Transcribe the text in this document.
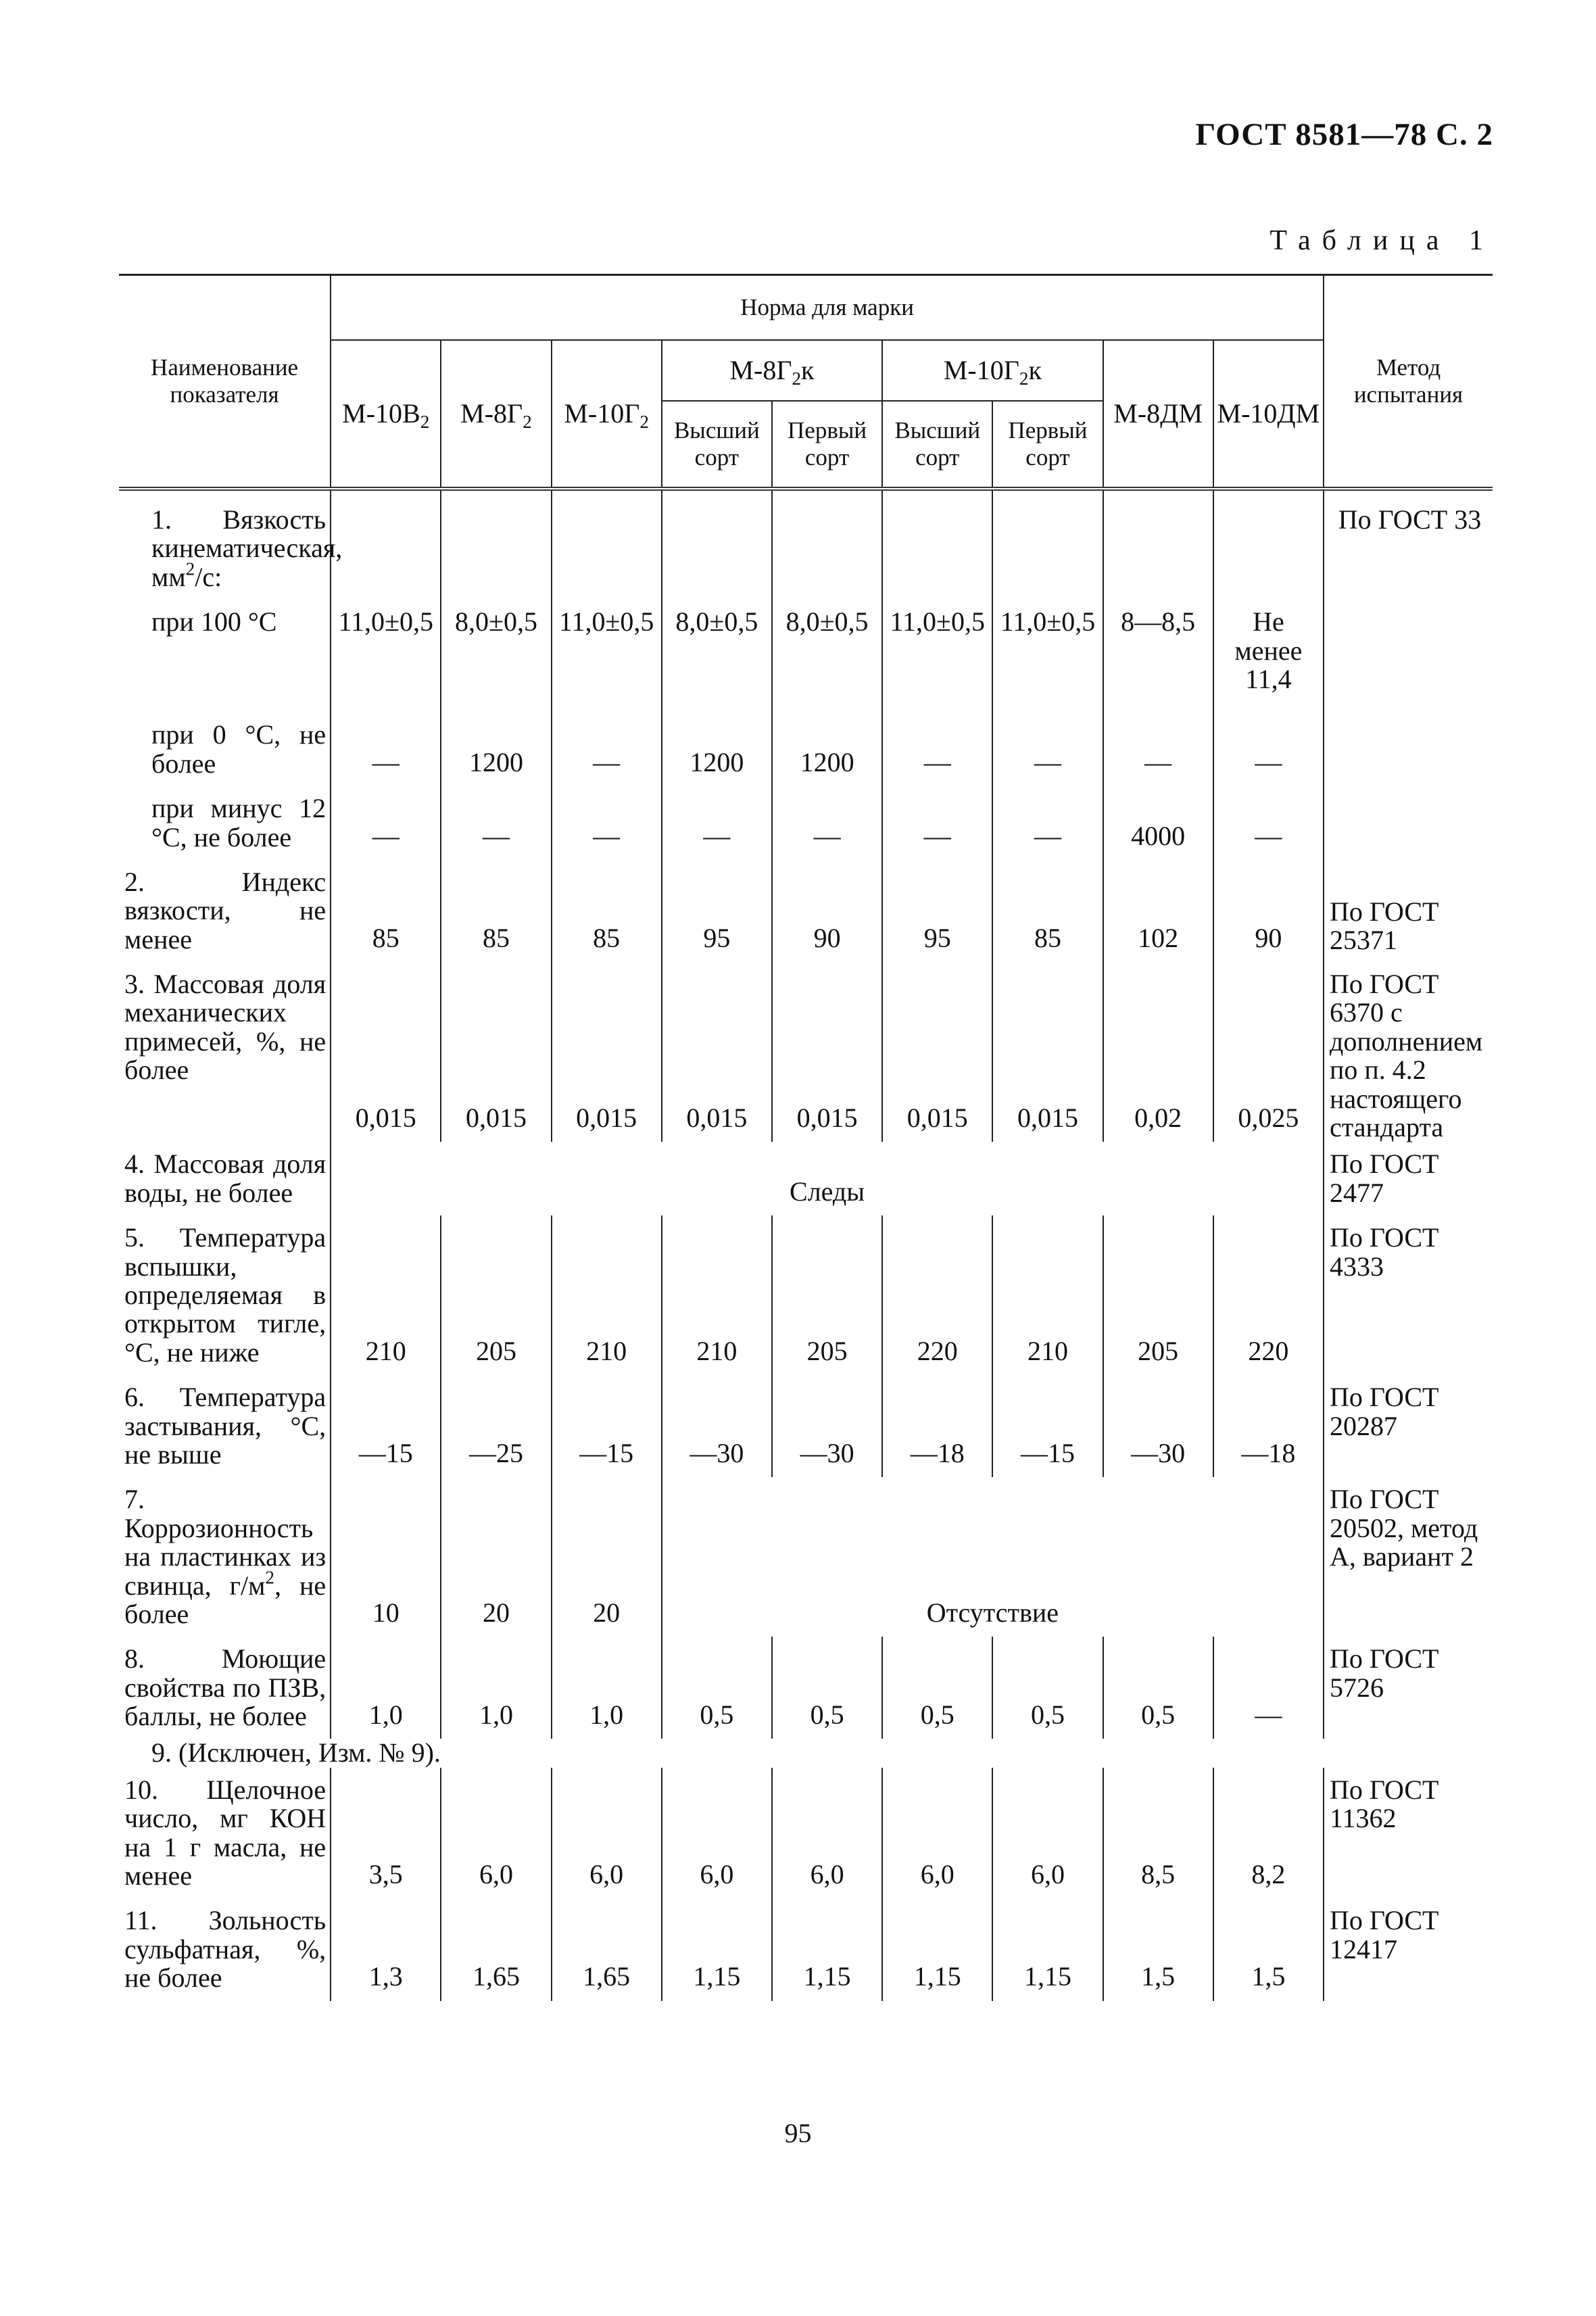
ГОСТ 8581—78 С. 2
Таблица 1
Наименование показателя	Норма для марки									Метод испытания
	$М-10В_2$	$М-8Г_2$	$М-10Г_2$	$М-8Г_2к$		$М-10Г_2к$		М-8ДМ	М-10ДМ	
				Высший сорт	Первый сорт	Высший сорт	Первый сорт			
1. Вязкость кинематическая, $мм^2/с$:										По ГОСТ 33
при 100 °С	11,0±0,5	8,0±0,5	11,0±0,5	8,0±0,5	8,0±0,5	11,0±0,5	11,0±0,5	8—8,5	Не менее 11,4	
при 0 °С, не более	—	1200	—	1200	1200	—	—	—	—	
при минус 12 °С, не более	—	—	—	—	—	—	—	4000	—	
2. Индекс вязкости, не менее	85	85	85	95	90	95	85	102	90	По ГОСТ 25371
3. Массовая доля механических примесей, %, не более	0,015	0,015	0,015	0,015	0,015	0,015	0,015	0,02	0,025	По ГОСТ 6370 с дополнением по п. 4.2 настоящего стандарта
4. Массовая доля воды, не более	Следы									По ГОСТ 2477
5. Температура вспышки, определяемая в открытом тигле, °С, не ниже	210	205	210	210	205	220	210	205	220	По ГОСТ 4333
6. Температура застывания, °С, не выше	—15	—25	—15	—30	—30	—18	—15	—30	—18	По ГОСТ 20287
7. Коррозионность на пластинках из свинца, $г/м^2$, не более	10	20	20	Отсутствие						По ГОСТ 20502, метод А, вариант 2
8. Моющие свойства по ПЗВ, баллы, не более	1,0	1,0	1,0	0,5	0,5	0,5	0,5	0,5	—	По ГОСТ 5726
9. (Исключен, Изм. № 9).										
10. Щелочное число, мг КОН на 1 г масла, не менее	3,5	6,0	6,0	6,0	6,0	6,0	6,0	8,5	8,2	По ГОСТ 11362
11. Зольность сульфатная, %, не более	1,3	1,65	1,65	1,15	1,15	1,15	1,15	1,5	1,5	По ГОСТ 12417
95
